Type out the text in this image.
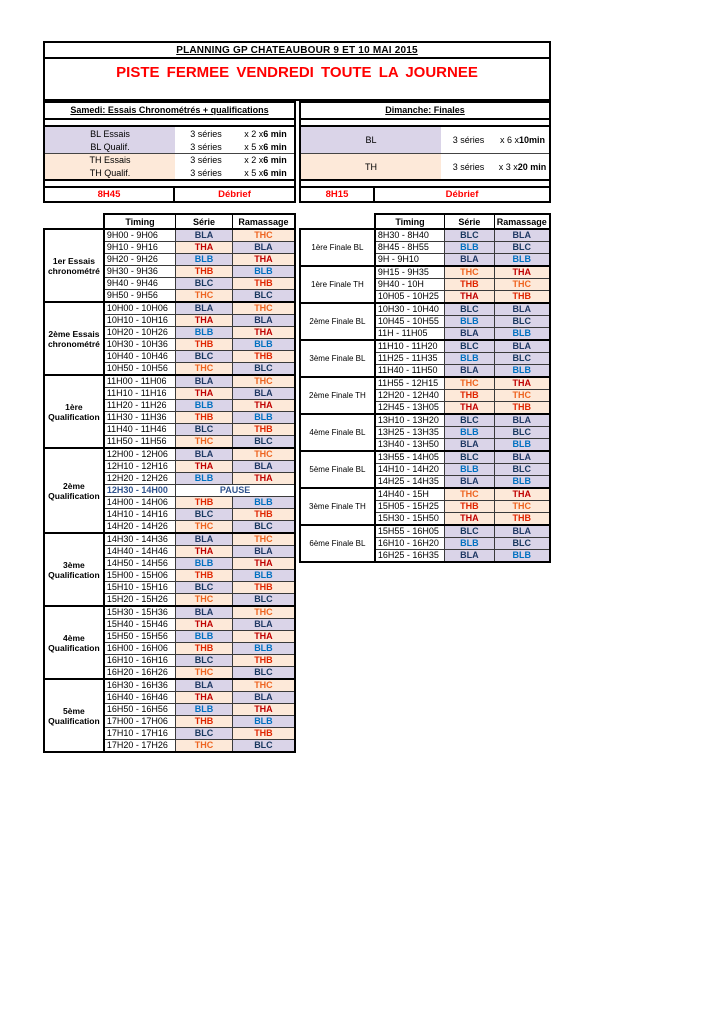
PLANNING GP CHATEAUBOUR 9 ET 10 MAI 2015
PISTE FERMEE VENDREDI TOUTE LA JOURNEE
Samedi: Essais Chronométrés + qualifications
BL Essais	3 séries	x 2 x 6 min
BL Qualif.	3 séries	x 5 x 6 min
TH Essais	3 séries	x 2 x 6 min
TH Qualif.	3 séries	x 5 x 6 min
8H45	Débrief
	Timing	Série	Ramassage
1er Essais chronométré	9H00 - 9H06	BLA	THC
	9H10 - 9H16	THA	BLA
	9H20 - 9H26	BLB	THA
	9H30 - 9H36	THB	BLB
	9H40 - 9H46	BLC	THB
	9H50 - 9H56	THC	BLC
2ème Essais chronométré	10H00 - 10H06	BLA	THC
	10H10 - 10H16	THA	BLA
	10H20 - 10H26	BLB	THA
	10H30 - 10H36	THB	BLB
	10H40 - 10H46	BLC	THB
	10H50 - 10H56	THC	BLC
1ère Qualification	11H00 - 11H06	BLA	THC
	11H10 - 11H16	THA	BLA
	11H20 - 11H26	BLB	THA
	11H30 - 11H36	THB	BLB
	11H40 - 11H46	BLC	THB
	11H50 - 11H56	THC	BLC
2ème Qualification	12H00 - 12H06	BLA	THC
	12H10 - 12H16	THA	BLA
	12H20 - 12H26	BLB	THA
	12H30 - 14H00	PAUSE	
	14H00 - 14H06	THB	BLB
	14H10 - 14H16	BLC	THB
	14H20 - 14H26	THC	BLC
3ème Qualification	14H30 - 14H36	BLA	THC
	14H40 - 14H46	THA	BLA
	14H50 - 14H56	BLB	THA
	15H00 - 15H06	THB	BLB
	15H10 - 15H16	BLC	THB
	15H20 - 15H26	THC	BLC
4ème Qualification	15H30 - 15H36	BLA	THC
	15H40 - 15H46	THA	BLA
	15H50 - 15H56	BLB	THA
	16H00 - 16H06	THB	BLB
	16H10 - 16H16	BLC	THB
	16H20 - 16H26	THC	BLC
5ème Qualification	16H30 - 16H36	BLA	THC
	16H40 - 16H46	THA	BLA
	16H50 - 16H56	BLB	THA
	17H00 - 17H06	THB	BLB
	17H10 - 17H16	BLC	THB
	17H20 - 17H26	THC	BLC
Dimanche: Finales
BL	3 séries	x 6 x 10min
TH	3 séries	x 3 x 20 min
8H15	Débrief
	Timing	Série	Ramassage
1ère Finale BL	8H30 - 8H40	BLC	BLA
	8H45 - 8H55	BLB	BLC
	9H - 9H10	BLA	BLB
1ère Finale TH	9H15 - 9H35	THC	THA
	9H40 - 10H	THB	THC
	10H05 - 10H25	THA	THB
2ème Finale BL	10H30 - 10H40	BLC	BLA
	10H45 - 10H55	BLB	BLC
	11H - 11H05	BLA	BLB
3ème Finale BL	11H10 - 11H20	BLC	BLA
	11H25 - 11H35	BLB	BLC
	11H40 - 11H50	BLA	BLB
2ème Finale TH	11H55 - 12H15	THC	THA
	12H20 - 12H40	THB	THC
	12H45 - 13H05	THA	THB
4ème Finale BL	13H10 - 13H20	BLC	BLA
	13H25 - 13H35	BLB	BLC
	13H40 - 13H50	BLA	BLB
5ème Finale BL	13H55 - 14H05	BLC	BLA
	14H10 - 14H20	BLB	BLC
	14H25 - 14H35	BLA	BLB
3ème Finale TH	14H40 - 15H	THC	THA
	15H05 - 15H25	THB	THC
	15H30 - 15H50	THA	THB
6ème Finale BL	15H55 - 16H05	BLC	BLA
	16H10 - 16H20	BLB	BLC
	16H25 - 16H35	BLA	BLB
